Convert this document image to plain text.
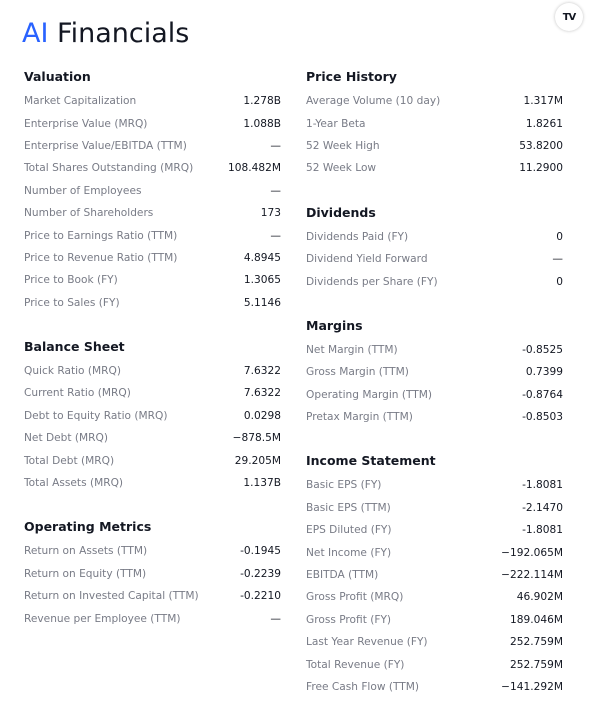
AI Financials
TV
Valuation
Market Capitalization	1.278B
Enterprise Value (MRQ)	1.088B
Enterprise Value/EBITDA (TTM)	—
Total Shares Outstanding (MRQ)	108.482M
Number of Employees	—
Number of Shareholders	173
Price to Earnings Ratio (TTM)	—
Price to Revenue Ratio (TTM)	4.8945
Price to Book (FY)	1.3065
Price to Sales (FY)	5.1146
Balance Sheet
Quick Ratio (MRQ)	7.6322
Current Ratio (MRQ)	7.6322
Debt to Equity Ratio (MRQ)	0.0298
Net Debt (MRQ)	−878.5M
Total Debt (MRQ)	29.205M
Total Assets (MRQ)	1.137B
Operating Metrics
Return on Assets (TTM)	-0.1945
Return on Equity (TTM)	-0.2239
Return on Invested Capital (TTM)	-0.2210
Revenue per Employee (TTM)	—
Price History
Average Volume (10 day)	1.317M
1-Year Beta	1.8261
52 Week High	53.8200
52 Week Low	11.2900
Dividends
Dividends Paid (FY)	0
Dividend Yield Forward	—
Dividends per Share (FY)	0
Margins
Net Margin (TTM)	-0.8525
Gross Margin (TTM)	0.7399
Operating Margin (TTM)	-0.8764
Pretax Margin (TTM)	-0.8503
Income Statement
Basic EPS (FY)	-1.8081
Basic EPS (TTM)	-2.1470
EPS Diluted (FY)	-1.8081
Net Income (FY)	−192.065M
EBITDA (TTM)	−222.114M
Gross Profit (MRQ)	46.902M
Gross Profit (FY)	189.046M
Last Year Revenue (FY)	252.759M
Total Revenue (FY)	252.759M
Free Cash Flow (TTM)	−141.292M
